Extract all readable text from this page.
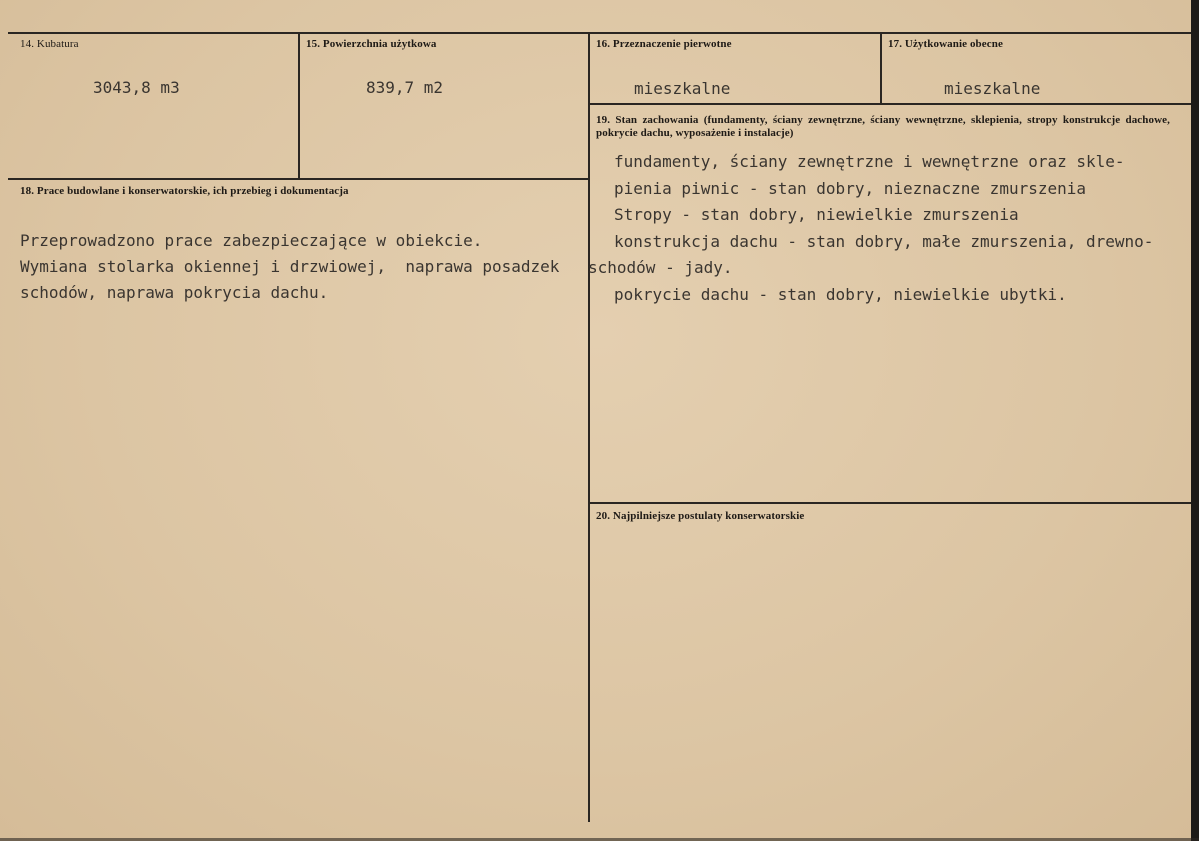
14. Kubatura
3043,8 m3
15. Powierzchnia użytkowa
839,7 m2
16. Przeznaczenie pierwotne
mieszkalne
17. Użytkowanie obecne
mieszkalne
18. Prace budowlane i konserwatorskie, ich przebieg i dokumentacja
Przeprowadzono prace zabezpieczające w obiekcie.
Wymiana stolarka okiennej i drzwiowej,  naprawa posadzek
schodów, naprawa pokrycia dachu.
19. Stan zachowania (fundamenty, ściany zewnętrzne, ściany wewnętrzne, sklepienia, stropy konstrukcje dachowe, pokrycie dachu, wyposażenie i instalacje)
fundamenty, ściany zewnętrzne i wewnętrzne oraz skle-
pienia piwnic - stan dobry, nieznaczne zmurszenia
Stropy - stan dobry, niewielkie zmurszenia
konstrukcja dachu - stan dobry, małe zmurszenia, drewno-
schodów - jady.
pokrycie dachu - stan dobry, niewielkie ubytki.
20. Najpilniejsze postulaty konserwatorskie
